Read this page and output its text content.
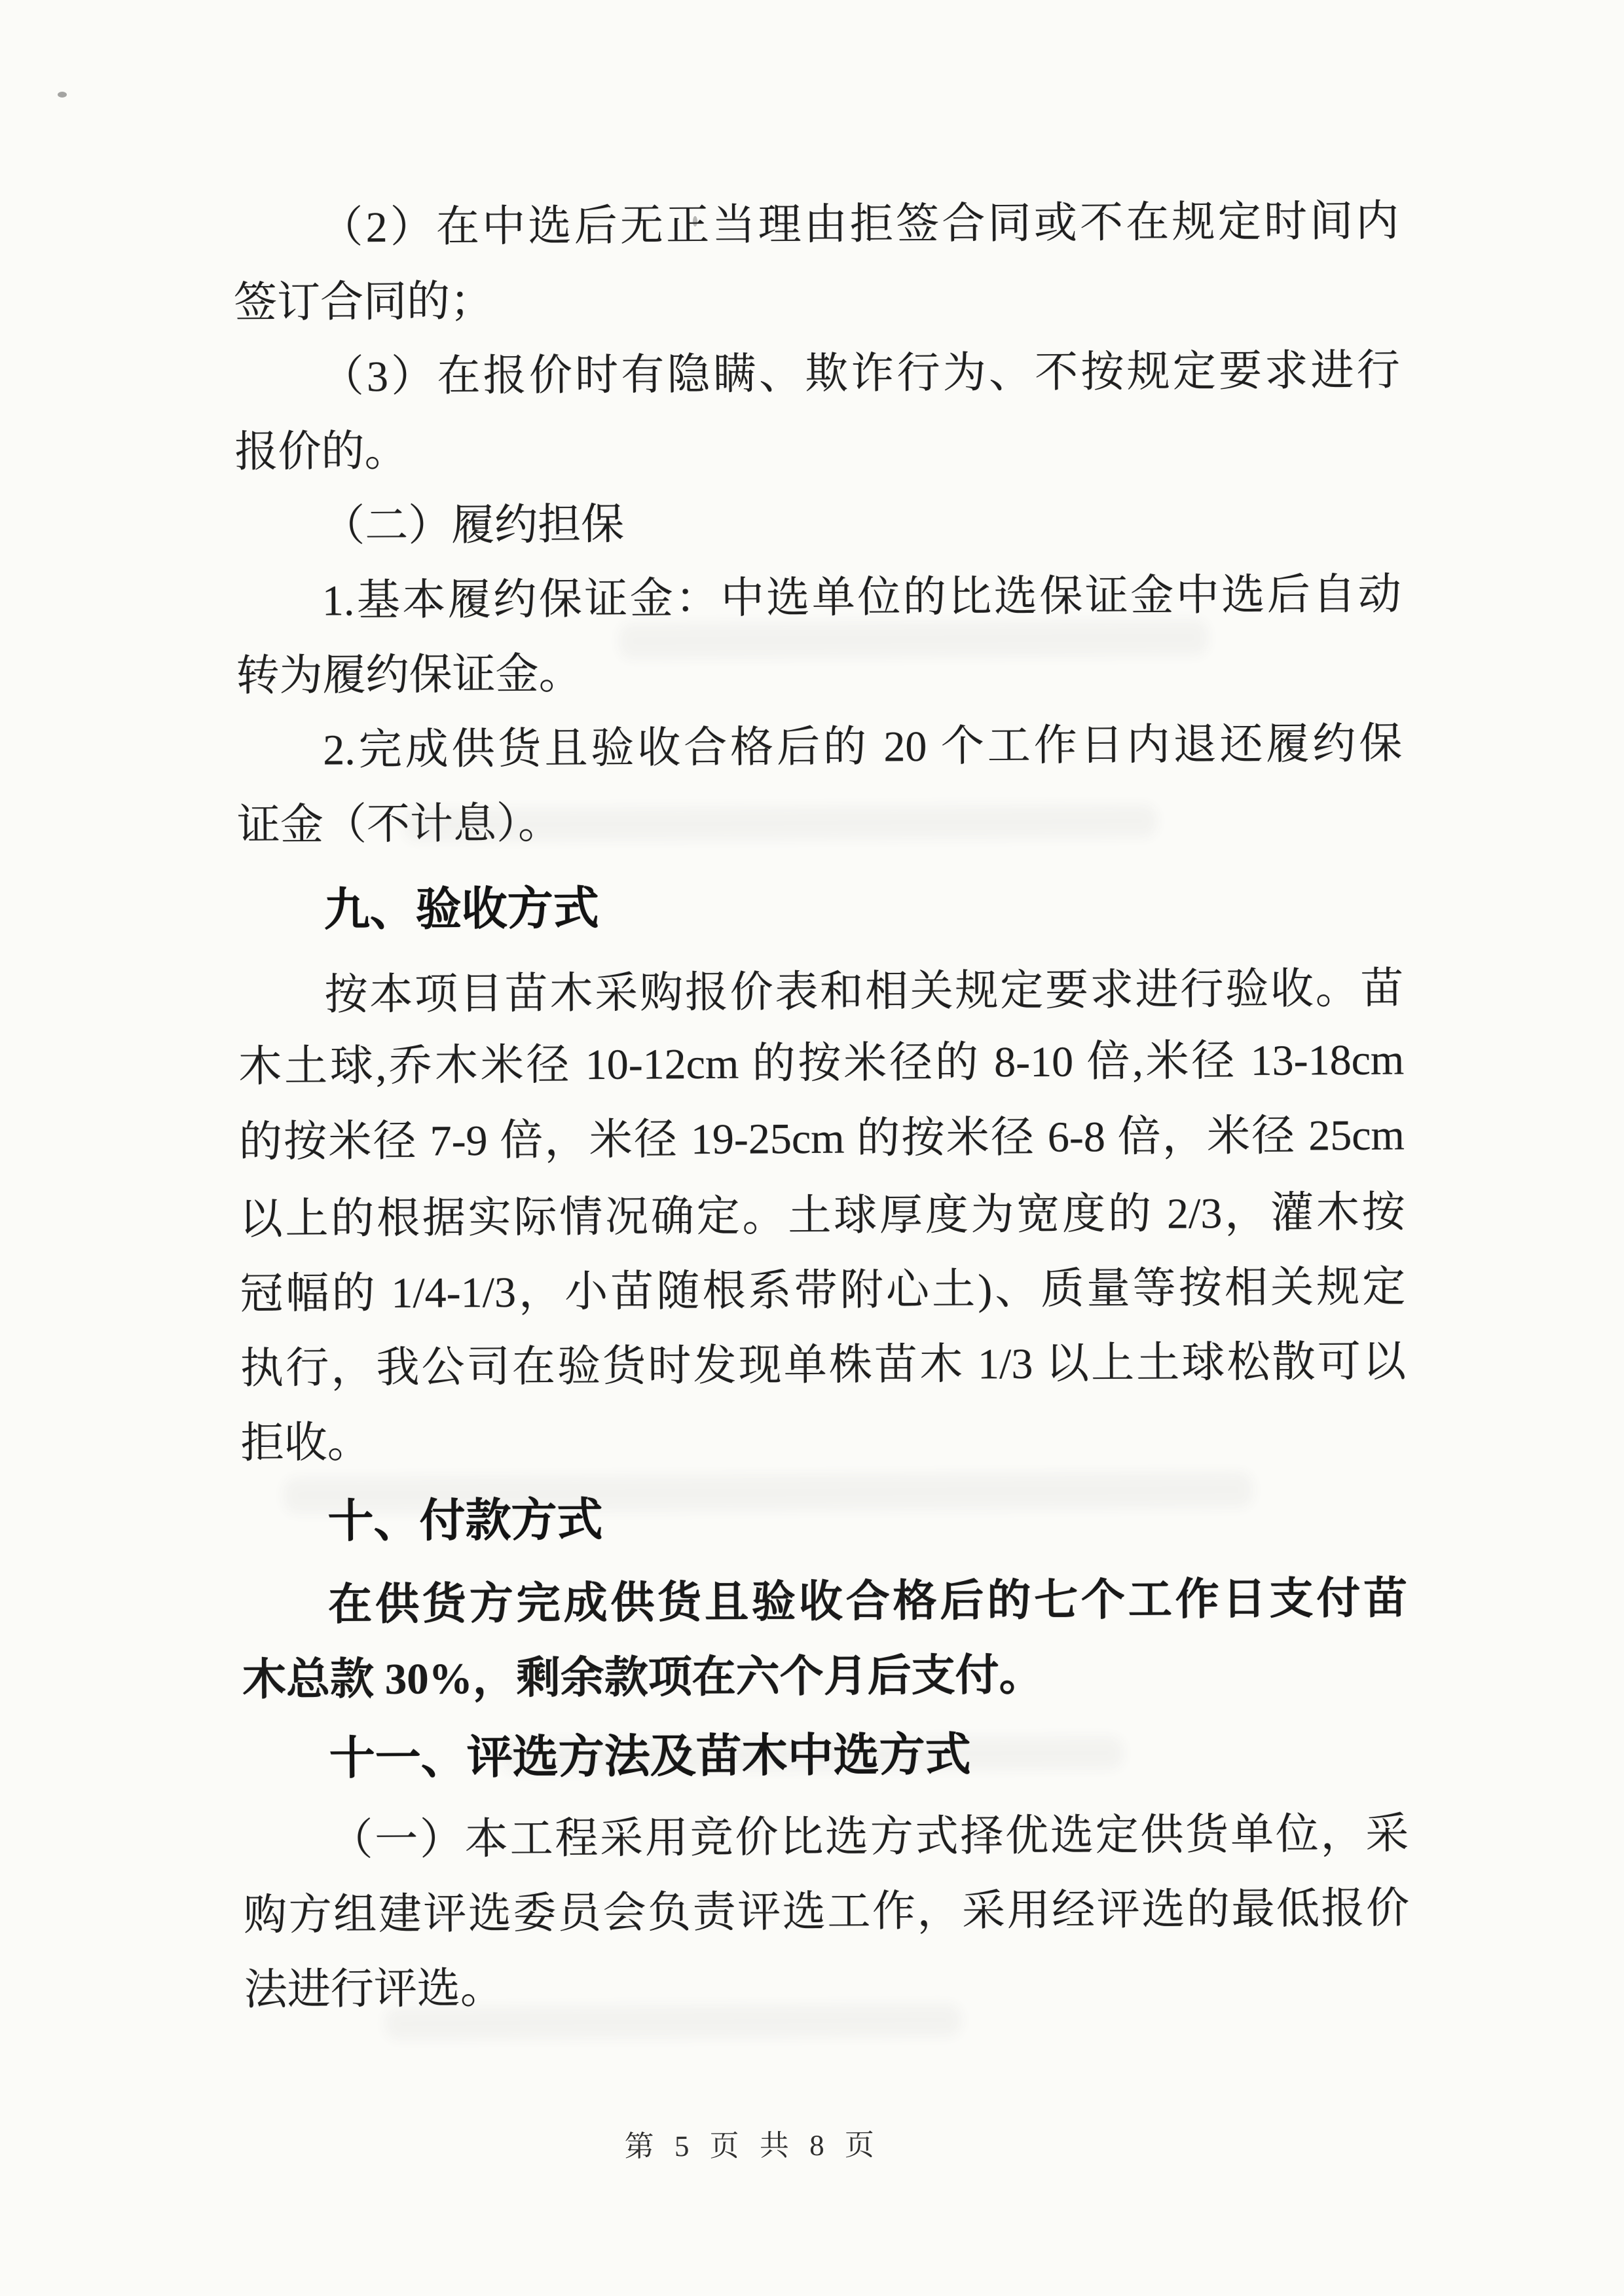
（2）在中选后无正当理由拒签合同或不在规定时间内
签订合同的；
（3）在报价时有隐瞒、欺诈行为、不按规定要求进行
报价的。
（二）履约担保
1.基本履约保证金：中选单位的比选保证金中选后自动
转为履约保证金。
2.完成供货且验收合格后的 20 个工作日内退还履约保
证金（不计息）。
九、验收方式
按本项目苗木采购报价表和相关规定要求进行验收。苗
木土球,乔木米径 10-12cm 的按米径的 8-10 倍,米径 13-18cm
的按米径 7-9 倍，米径 19-25cm 的按米径 6-8 倍，米径 25cm
以上的根据实际情况确定。土球厚度为宽度的 2/3，灌木按
冠幅的 1/4-1/3，小苗随根系带附心土)、质量等按相关规定
执行，我公司在验货时发现单株苗木 1/3 以上土球松散可以
拒收。
十、付款方式
在供货方完成供货且验收合格后的七个工作日支付苗
木总款 30%，剩余款项在六个月后支付。
十一、评选方法及苗木中选方式
（一）本工程采用竞价比选方式择优选定供货单位，采
购方组建评选委员会负责评选工作，采用经评选的最低报价
法进行评选。
第 5 页 共 8 页
